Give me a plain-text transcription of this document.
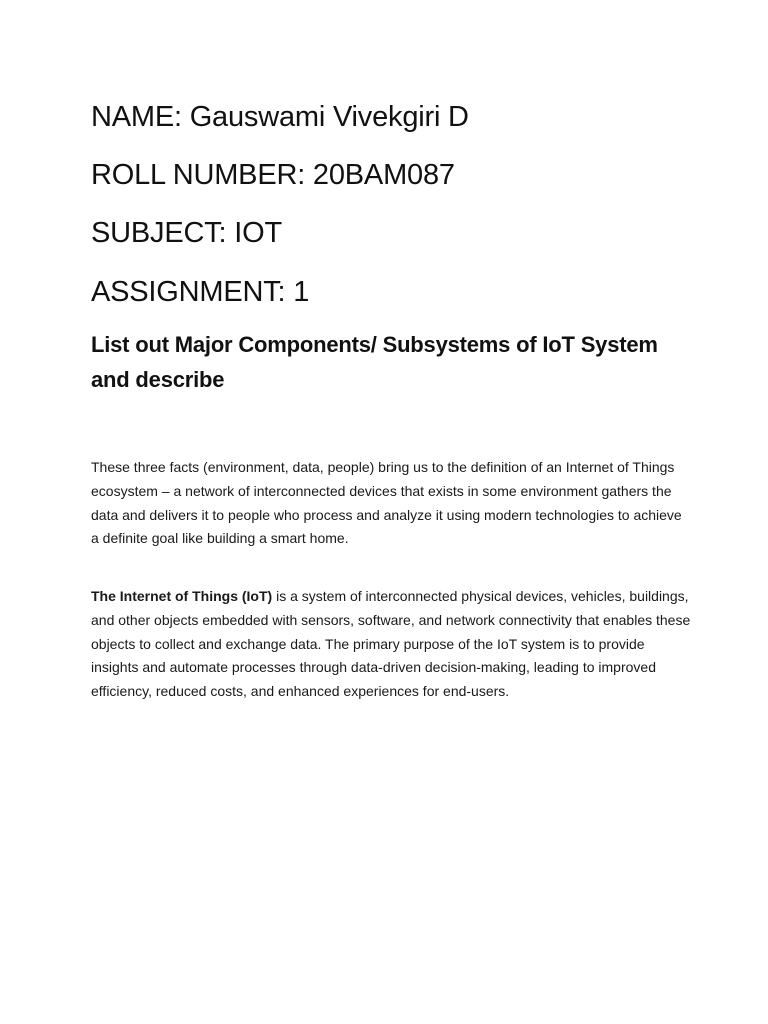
NAME: Gauswami Vivekgiri D
ROLL NUMBER: 20BAM087
SUBJECT: IOT
ASSIGNMENT: 1
List out Major Components/ Subsystems of IoT System and describe

These three facts (environment, data, people) bring us to the definition of an Internet of Things ecosystem – a network of interconnected devices that exists in some environment gathers the data and delivers it to people who process and analyze it using modern technologies to achieve a definite goal like building a smart home.

The Internet of Things (IoT) is a system of interconnected physical devices, vehicles, buildings, and other objects embedded with sensors, software, and network connectivity that enables these objects to collect and exchange data. The primary purpose of the IoT system is to provide insights and automate processes through data-driven decision-making, leading to improved efficiency, reduced costs, and enhanced experiences for end-users.
